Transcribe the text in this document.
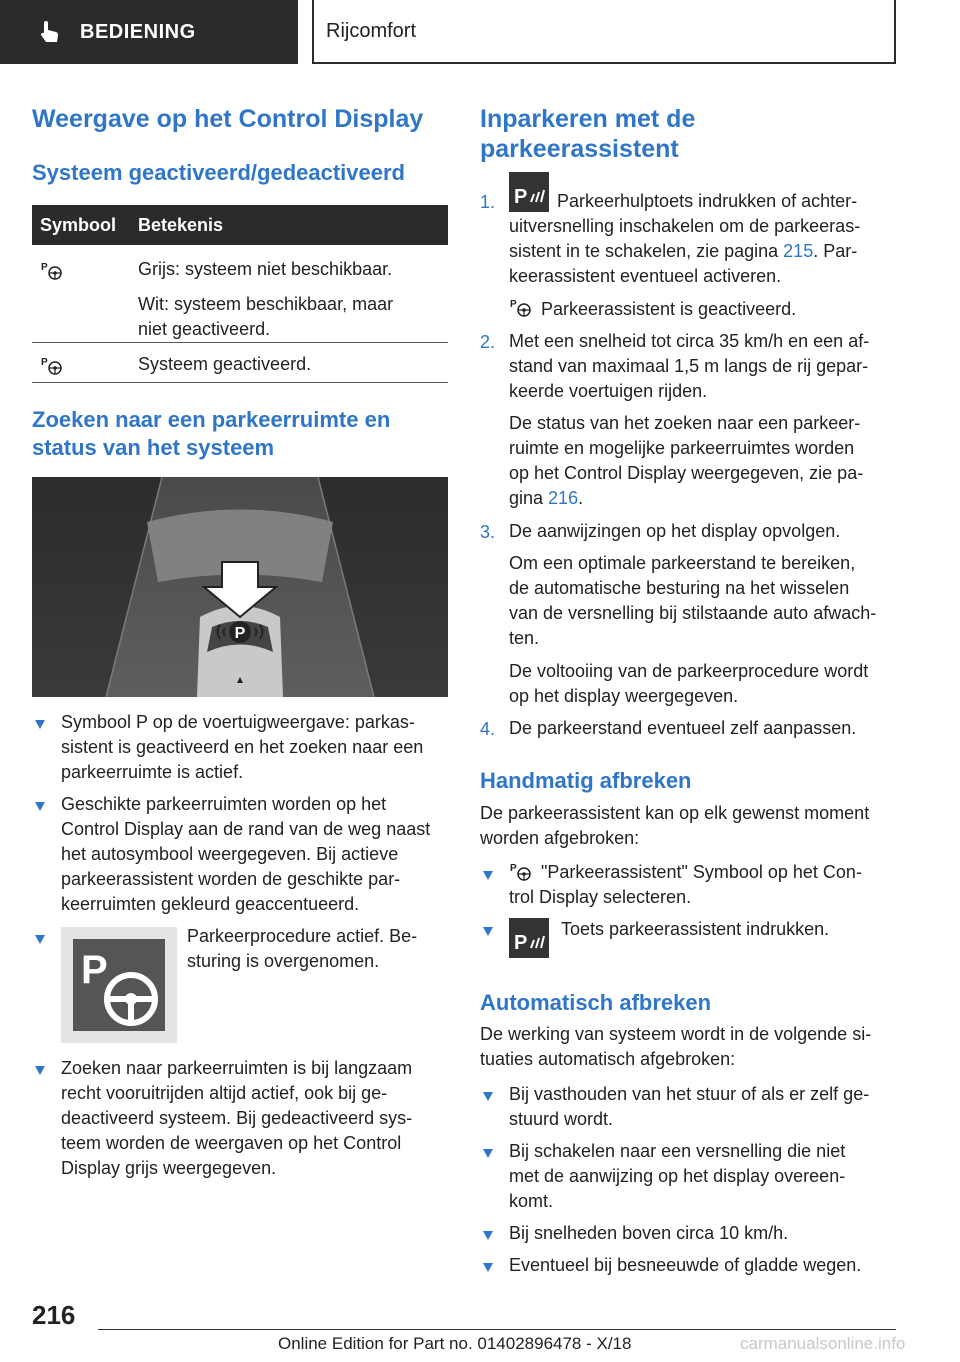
BEDIENING	Rijcomfort
Weergave op het Control Display
Systeem geactiveerd/gedeactiveerd
Symbool	Betekenis

P	Grijs: systeem niet beschikbaar.
Wit: systeem beschikbaar, maar
niet geactiveerd.

P	Systeem geactiveerd.
Zoeken naar een parkeerruimte en
status van het systeem
P
Symbool P op de voertuigweergave: parkas-
sistent is geactiveerd en het zoeken naar een
parkeerruimte is actief.
Geschikte parkeerruimten worden op het
Control Display aan de rand van de weg naast
het autosymbool weergegeven. Bij actieve
parkeerassistent worden de geschikte par-
keerruimten gekleurd geaccentueerd.
P
Parkeerprocedure actief. Be-
sturing is overgenomen.
Zoeken naar parkeerruimten is bij langzaam
recht vooruitrijden altijd actief, ook bij ge-
deactiveerd systeem. Bij gedeactiveerd sys-
teem worden de weergaven op het Control
Display grijs weergegeven.
Inparkeren met de
parkeerassistent
1. P Parkeerhulptoets indrukken of achter-
uitversnelling inschakelen om de parkeeras-
sistent in te schakelen, zie pagina 215. Par-
keerassistent eventueel activeren.
P Parkeerassistent is geactiveerd.
2. Met een snelheid tot circa 35 km/h en een af-
stand van maximaal 1,5 m langs de rij gepar-
keerde voertuigen rijden.
De status van het zoeken naar een parkeer-
ruimte en mogelijke parkeerruimtes worden
op het Control Display weergegeven, zie pa-
gina 216.
3. De aanwijzingen op het display opvolgen.
Om een optimale parkeerstand te bereiken,
de automatische besturing na het wisselen
van de versnelling bij stilstaande auto afwach-
ten.
De voltooiing van de parkeerprocedure wordt
op het display weergegeven.
4. De parkeerstand eventueel zelf aanpassen.
Handmatig afbreken
De parkeerassistent kan op elk gewenst moment
worden afgebroken:
P "Parkeerassistent" Symbool op het Con-
trol Display selecteren.
P
Toets parkeerassistent indrukken.
Automatisch afbreken
De werking van systeem wordt in de volgende si-
tuaties automatisch afgebroken:
Bij vasthouden van het stuur of als er zelf ge-
stuurd wordt.
Bij schakelen naar een versnelling die niet
met de aanwijzing op het display overeen-
komt.
Bij snelheden boven circa 10 km/h.
Eventueel bij besneeuwde of gladde wegen.
216
Online Edition for Part no. 01402896478 - X/18	carmanualsonline.info
